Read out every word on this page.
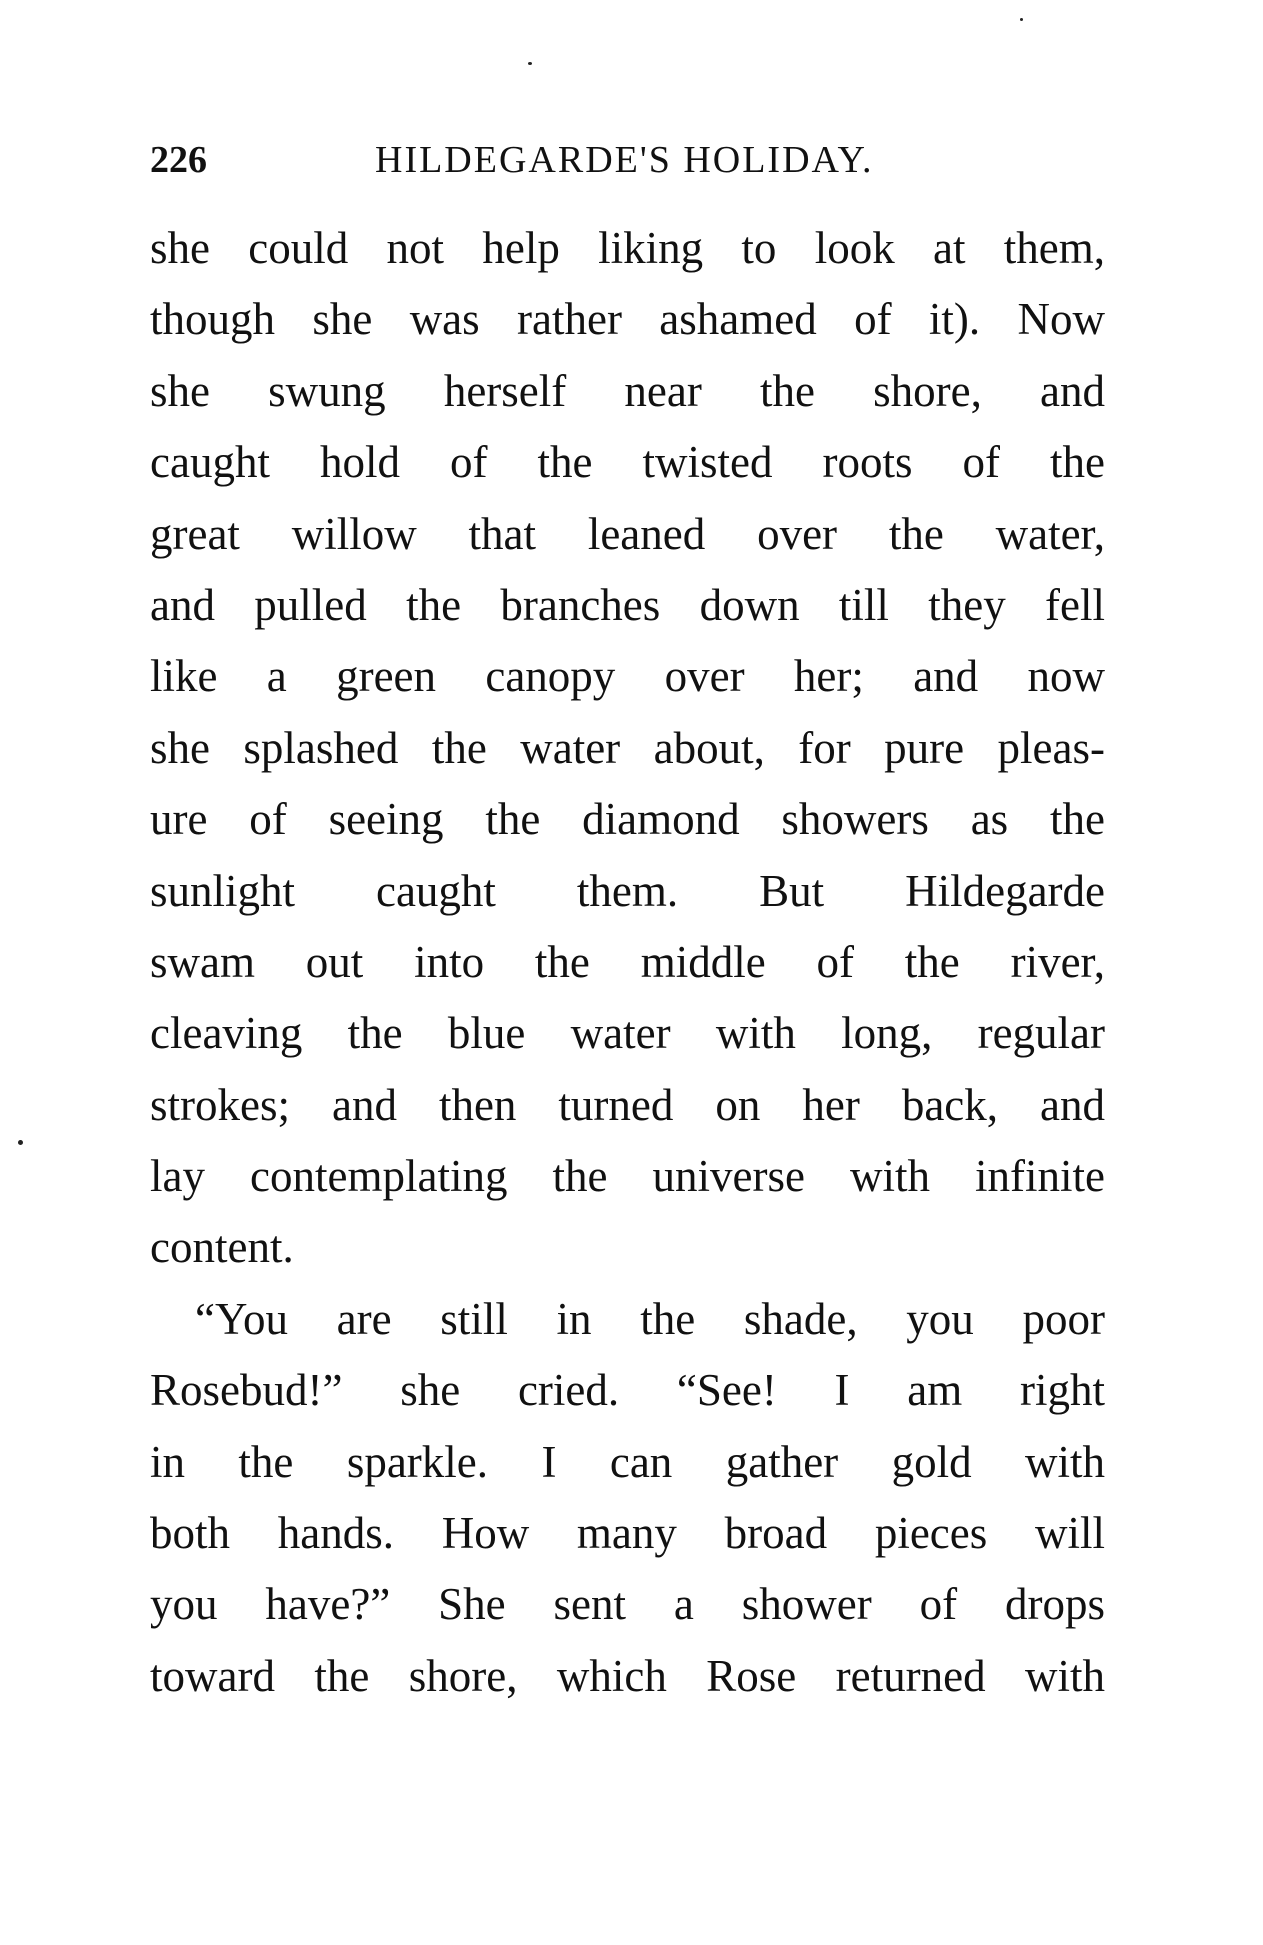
226	HILDEGARDE'S HOLIDAY.
she could not help liking to look at them,
though she was rather ashamed of it). Now
she swung herself near the shore, and
caught hold of the twisted roots of the
great willow that leaned over the water,
and pulled the branches down till they fell
like a green canopy over her; and now
she splashed the water about, for pure pleas-
ure of seeing the diamond showers as the
sunlight caught them. But Hildegarde
swam out into the middle of the river,
cleaving the blue water with long, regular
strokes; and then turned on her back, and
lay contemplating the universe with infinite
content.
“You are still in the shade, you poor
Rosebud!” she cried. “See! I am right
in the sparkle. I can gather gold with
both hands. How many broad pieces will
you have?” She sent a shower of drops
toward the shore, which Rose returned with
